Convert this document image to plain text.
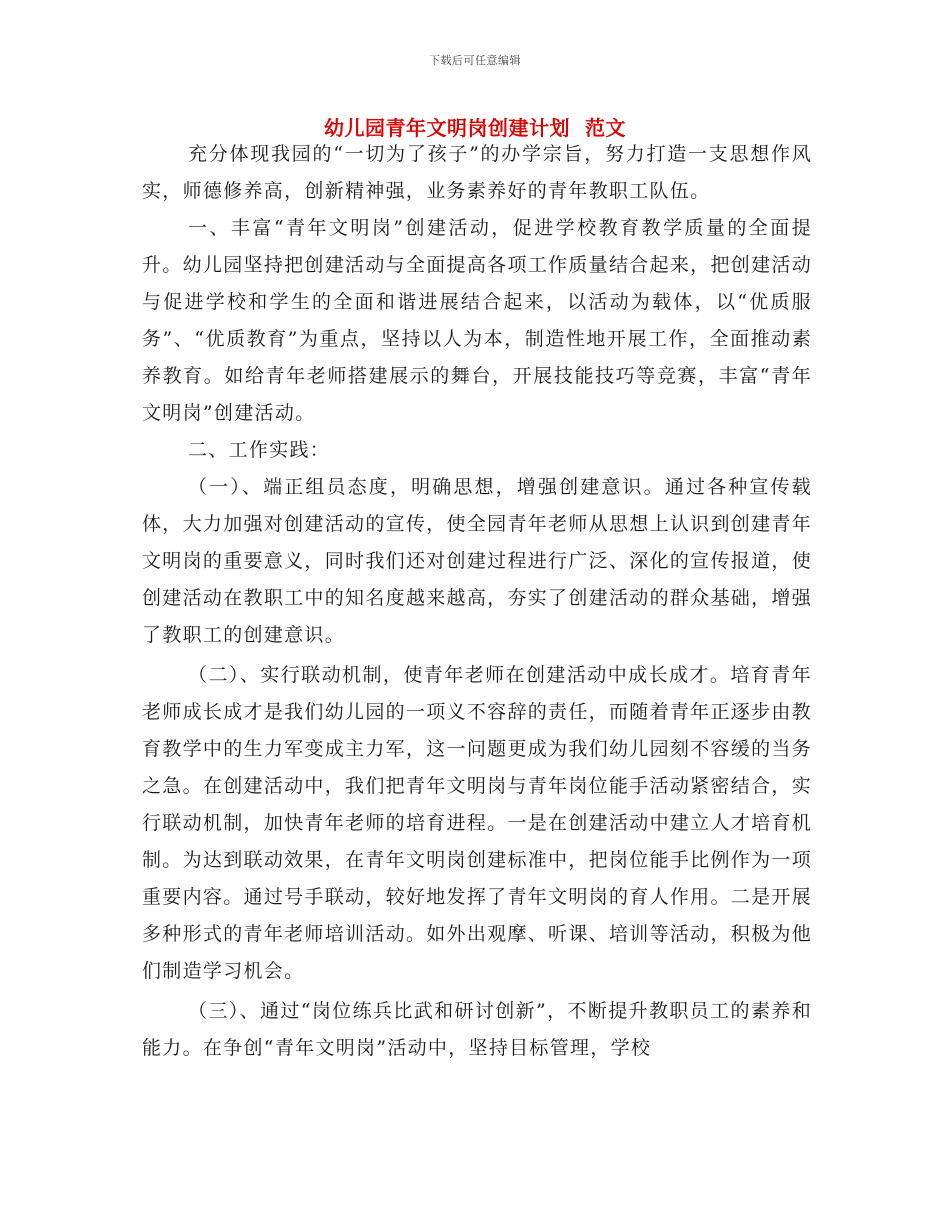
下载后可任意编辑
幼儿园青年文明岗创建计划  范文

充分体现我园的“一切为了孩子”的办学宗旨，努力打造一支思想作风实，师德修养高，创新精神强，业务素养好的青年教职工队伍。

一、丰富“青年文明岗”创建活动，促进学校教育教学质量的全面提升。幼儿园坚持把创建活动与全面提高各项工作质量结合起来，把创建活动与促进学校和学生的全面和谐进展结合起来，以活动为载体，以“优质服务”、“优质教育”为重点，坚持以人为本，制造性地开展工作，全面推动素养教育。如给青年老师搭建展示的舞台，开展技能技巧等竞赛，丰富“青年文明岗”创建活动。

二、工作实践：

（一）、端正组员态度，明确思想，增强创建意识。通过各种宣传载体，大力加强对创建活动的宣传，使全园青年老师从思想上认识到创建青年文明岗的重要意义，同时我们还对创建过程进行广泛、深化的宣传报道，使创建活动在教职工中的知名度越来越高，夯实了创建活动的群众基础，增强了教职工的创建意识。

（二）、实行联动机制，使青年老师在创建活动中成长成才。培育青年老师成长成才是我们幼儿园的一项义不容辞的责任，而随着青年正逐步由教育教学中的生力军变成主力军，这一问题更成为我们幼儿园刻不容缓的当务之急。在创建活动中，我们把青年文明岗与青年岗位能手活动紧密结合，实行联动机制，加快青年老师的培育进程。一是在创建活动中建立人才培育机制。为达到联动效果，在青年文明岗创建标准中，把岗位能手比例作为一项重要内容。通过号手联动，较好地发挥了青年文明岗的育人作用。二是开展多种形式的青年老师培训活动。如外出观摩、听课、培训等活动，积极为他们制造学习机会。

（三）、通过“岗位练兵比武和研讨创新”，不断提升教职员工的素养和能力。在争创“青年文明岗”活动中，坚持目标管理，学校
